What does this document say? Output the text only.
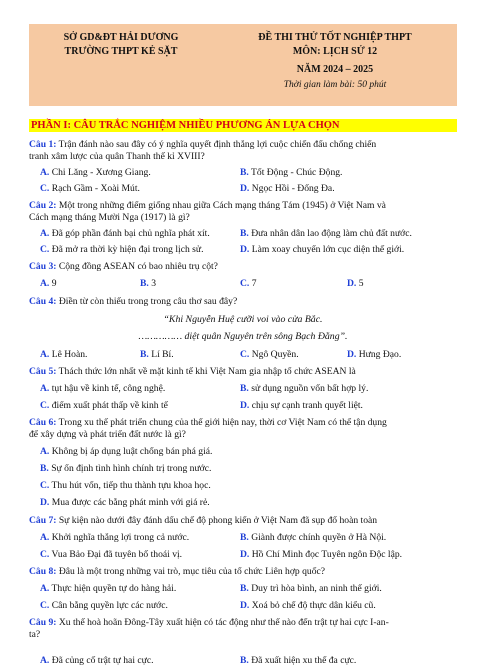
SỞ GD&ĐT HẢI DƯƠNG
TRƯỜNG THPT KẺ SẶT
ĐỀ THI THỬ TỐT NGHIỆP THPT
MÔN: LỊCH SỬ 12
NĂM 2024 – 2025
Thời gian làm bài: 50 phút
PHẦN I: CÂU TRẮC NGHIỆM NHIỀU PHƯƠNG ÁN LỰA CHỌN
Câu 1: Trận đánh nào sau đây có ý nghĩa quyết định thắng lợi cuộc chiến đấu chống chiến
tranh xâm lược của quân Thanh thế kỉ XVIII?
A. Chi Lăng - Xương Giang.	B. Tốt Động - Chúc Động.
C. Rạch Gầm - Xoài Mút.	D. Ngọc Hồi - Đống Đa.
Câu 2: Một trong những điểm giống nhau giữa Cách mạng tháng Tám (1945) ở Việt Nam và
Cách mạng tháng Mười Nga (1917) là gì?
A. Đã góp phần đánh bại chủ nghĩa phát xít.	B. Đưa nhân dân lao động làm chủ đất nước.
C. Đã mở ra thời kỳ hiện đại trong lịch sử.	D. Làm xoay chuyển lớn cục diện thế giới.
Câu 3: Cộng đồng ASEAN có bao nhiêu trụ cột?
A. 9	B. 3	C. 7	D. 5
Câu 4: Điền từ còn thiếu trong trong câu thơ sau đây?
“Khi Nguyễn Huệ cưỡi voi vào cửa Bắc.
…………… diệt quân Nguyên trên sông Bạch Đằng”.
A. Lê Hoàn.	B. Lí Bí.	C. Ngô Quyền.	D. Hưng Đạo.
Câu 5: Thách thức lớn nhất về mặt kinh tế khi Việt Nam gia nhập tổ chức ASEAN là
A. tụt hậu về kinh tế, công nghệ.	B. sử dụng nguồn vốn bất hợp lý.
C. điểm xuất phát thấp về kinh tế	D. chịu sự cạnh tranh quyết liệt.
Câu 6: Trong xu thế phát triển chung của thế giới hiện nay, thời cơ Việt Nam có thể tận dụng
để xây dựng và phát triển đất nước là gì?
A. Không bị áp dụng luật chống bán phá giá.
B. Sự ổn định tình hình chính trị trong nước.
C. Thu hút vốn, tiếp thu thành tựu khoa học.
D. Mua được các bằng phát minh với giá rẻ.
Câu 7: Sự kiện nào dưới đây đánh dấu chế độ phong kiến ở Việt Nam đã sụp đổ hoàn toàn
A. Khởi nghĩa thắng lợi trong cả nước.	B. Giành được chính quyền ở Hà Nội.
C. Vua Bảo Đại đã tuyên bố thoái vị.	D. Hồ Chí Minh đọc Tuyên ngôn Độc lập.
Câu 8: Đâu là một trong những vai trò, mục tiêu của tổ chức Liên hợp quốc?
A. Thực hiện quyền tự do hàng hải.	B. Duy trì hòa bình, an ninh thế giới.
C. Cân bằng quyền lực các nước.	D. Xoá bỏ chế độ thực dân kiểu cũ.
Câu 9: Xu thế hoà hoãn Đông-Tây xuất hiện có tác động như thế nào đến trật tự hai cực I-an-
ta?
A. Đã củng cố trật tự hai cực.	B. Đã xuất hiện xu thế đa cực.
